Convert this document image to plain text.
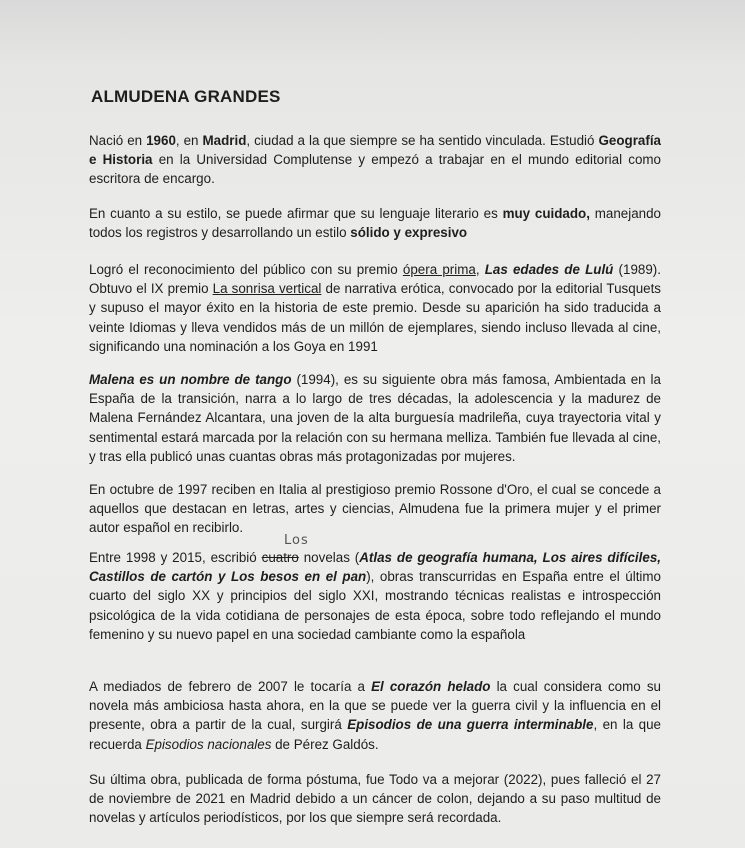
ALMUDENA GRANDES

Nació en 1960, en Madrid, ciudad a la que siempre se ha sentido vinculada. Estudió Geografía e Historia en la Universidad Complutense y empezó a trabajar en el mundo editorial como escritora de encargo.

En cuanto a su estilo, se puede afirmar que su lenguaje literario es muy cuidado, manejando todos los registros y desarrollando un estilo sólido y expresivo

Logró el reconocimiento del público con su premio ópera prima, Las edades de Lulú (1989). Obtuvo el IX premio La sonrisa vertical de narrativa erótica, convocado por la editorial Tusquets y supuso el mayor éxito en la historia de este premio. Desde su aparición ha sido traducida a veinte Idiomas y lleva vendidos más de un millón de ejemplares, siendo incluso llevada al cine, significando una nominación a los Goya en 1991

Malena es un nombre de tango (1994), es su siguiente obra más famosa, Ambientada en la España de la transición, narra a lo largo de tres décadas, la adolescencia y la madurez de Malena Fernández Alcantara, una joven de la alta burguesía madrileña, cuya trayectoria vital y sentimental estará marcada por la relación con su hermana melliza. También fue llevada al cine, y tras ella publicó unas cuantas obras más protagonizadas por mujeres.

En octubre de 1997 reciben en Italia al prestigioso premio Rossone d'Oro, el cual se concede a aquellos que destacan en letras, artes y ciencias, Almudena fue la primera mujer y el primer autor español en recibirlo.

Los

Entre 1998 y 2015, escribió cuatro novelas (Atlas de geografía humana, Los aires difíciles, Castillos de cartón y Los besos en el pan), obras transcurridas en España entre el último cuarto del siglo XX y principios del siglo XXI, mostrando técnicas realistas e introspección psicológica de la vida cotidiana de personajes de esta época, sobre todo reflejando el mundo femenino y su nuevo papel en una sociedad cambiante como la española

A mediados de febrero de 2007 le tocaría a El corazón helado la cual considera como su novela más ambiciosa hasta ahora, en la que se puede ver la guerra civil y la influencia en el presente, obra a partir de la cual, surgirá Episodios de una guerra interminable, en la que recuerda Episodios nacionales de Pérez Galdós.

Su última obra, publicada de forma póstuma, fue Todo va a mejorar (2022), pues falleció el 27 de noviembre de 2021 en Madrid debido a un cáncer de colon, dejando a su paso multitud de novelas y artículos periodísticos, por los que siempre será recordada.
